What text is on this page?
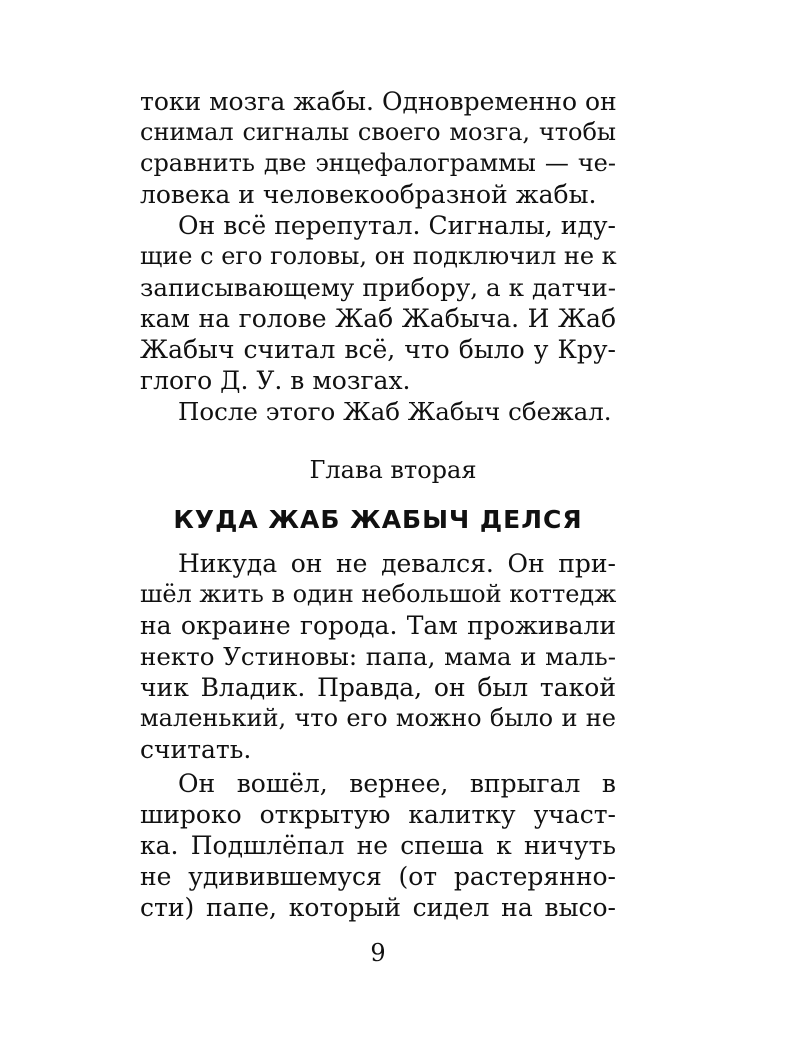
токи мозга жабы. Одновременно он
снимал сигналы своего мозга, чтобы
сравнить две энцефалограммы — че-
ловека и человекообразной жабы.
Он всё перепутал. Сигналы, иду-
щие с его головы, он подключил не к
записывающему прибору, а к датчи-
кам на голове Жаб Жабыча. И Жаб
Жабыч считал всё, что было у Кру-
глого Д. У. в мозгах.
После этого Жаб Жабыч сбежал.
Глава вторая
КУДА ЖАБ ЖАБЫЧ ДЕЛСЯ
Никуда он не девался. Он при-
шёл жить в один небольшой коттедж
на окраине города. Там проживали
некто Устиновы: папа, мама и маль-
чик Владик. Правда, он был такой
маленький, что его можно было и не
считать.
Он вошёл, вернее, впрыгал в
широко открытую калитку участ-
ка. Подшлёпал не спеша к ничуть
не удивившемуся (от растерянно-
сти) папе, который сидел на высо-
9
